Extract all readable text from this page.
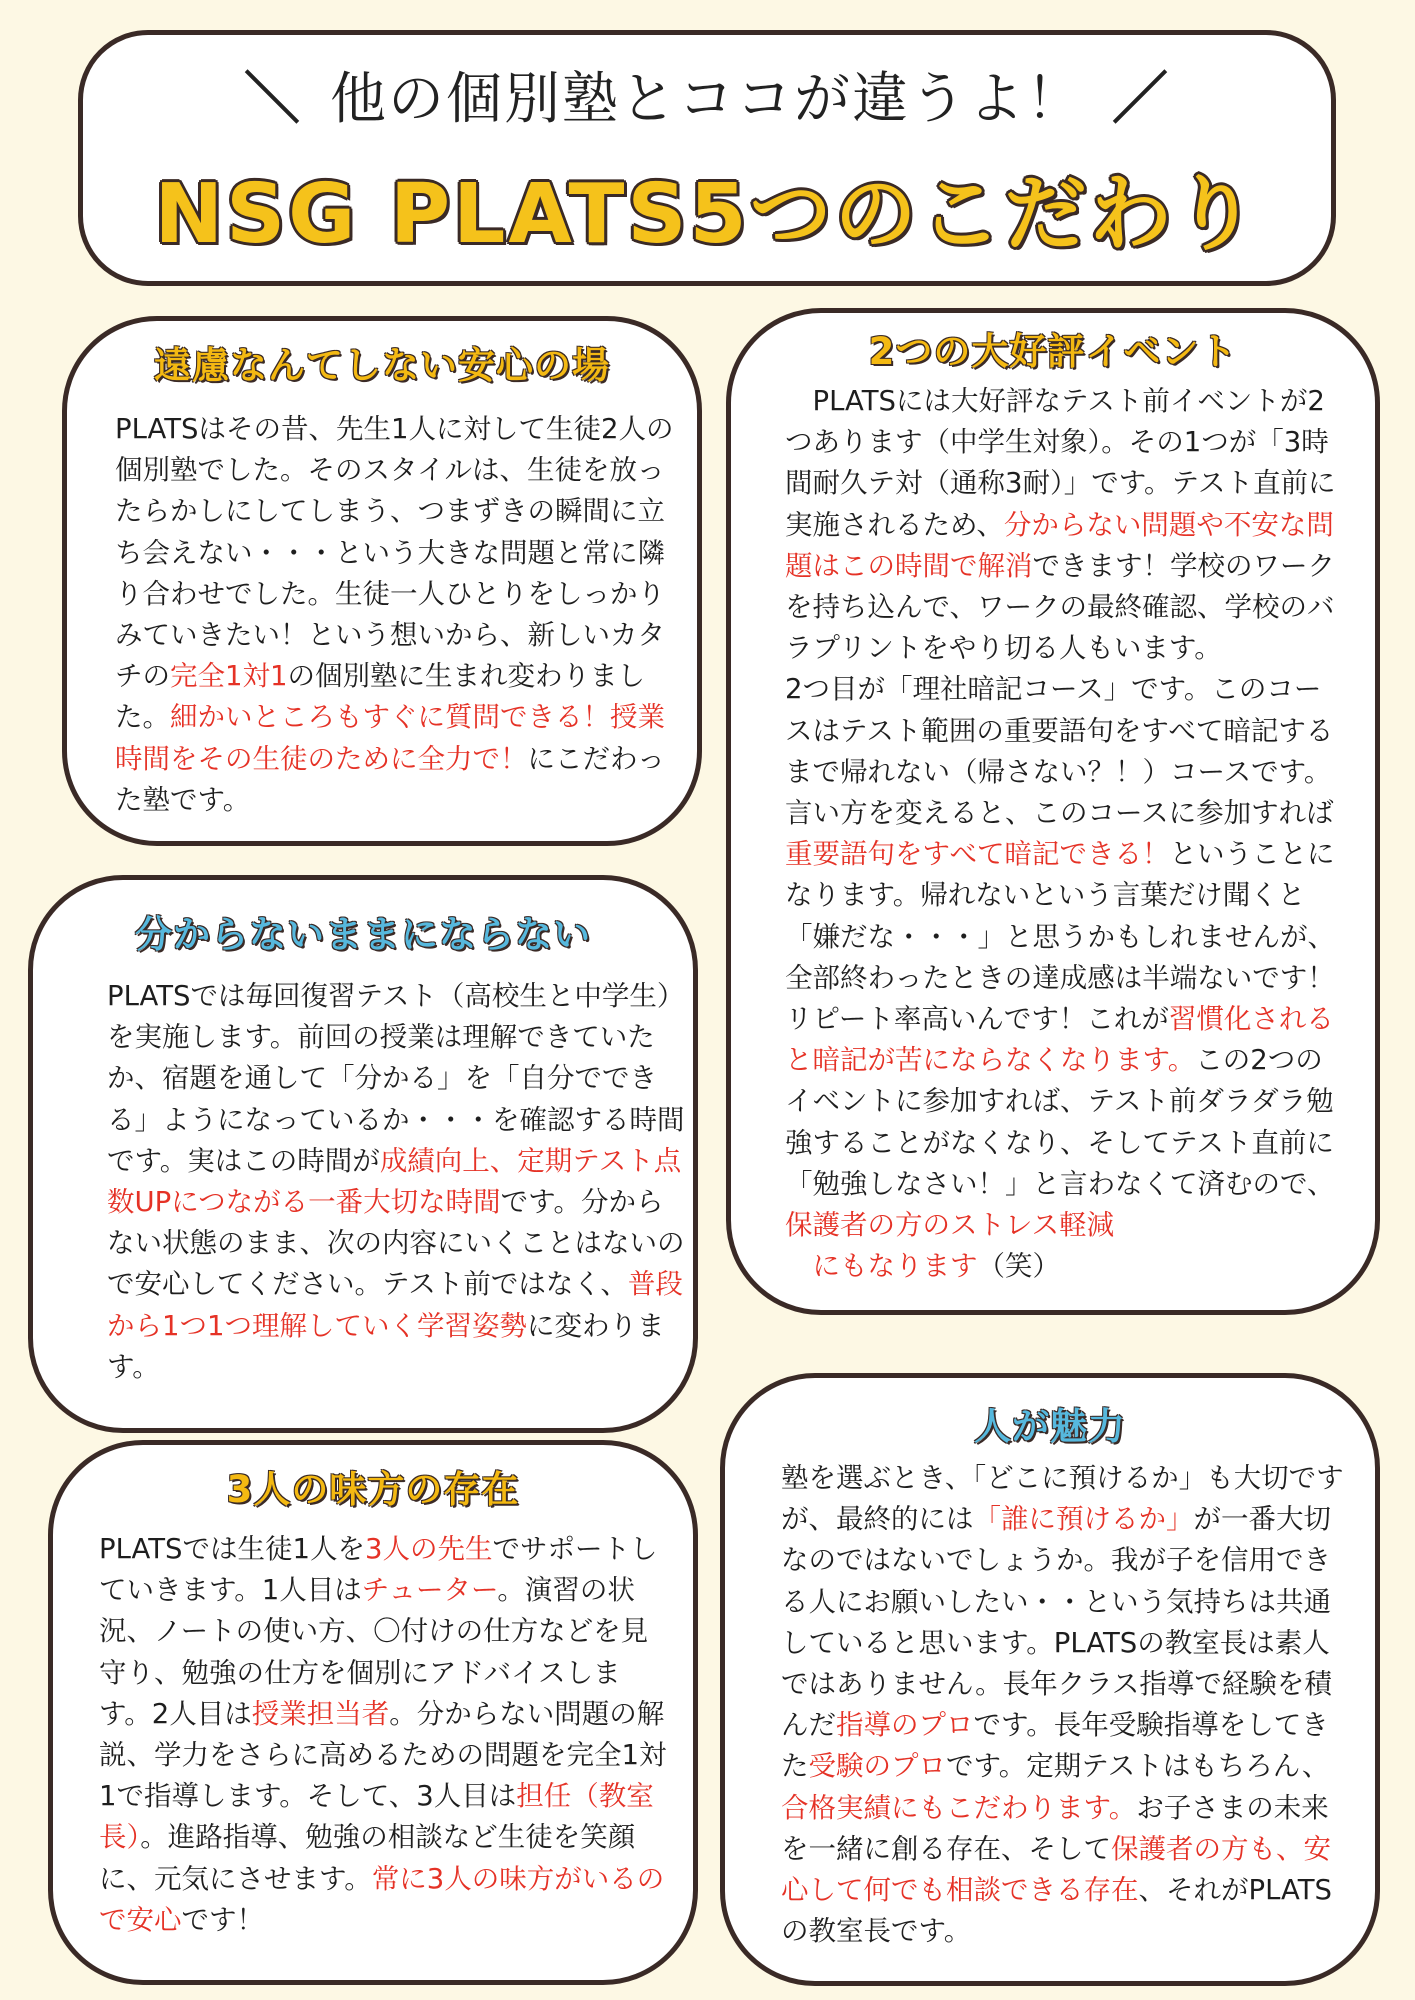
＼ 他の個別塾とココが違うよ！ ／
NSG PLATS5つのこだわり
遠慮なんてしない安心の場
PLATSはその昔、先生1人に対して生徒2人の個別塾でした。そのスタイルは、生徒を放ったらかしにしてしまう、つまずきの瞬間に立ち会えない・・・という大きな問題と常に隣り合わせでした。生徒一人ひとりをしっかりみていきたい！という想いから、新しいカタチの完全1対1の個別塾に生まれ変わりました。細かいところもすぐに質問できる！授業時間をその生徒のために全力で！にこだわった塾です。
分からないままにならない
PLATSでは毎回復習テスト（高校生と中学生）を実施します。前回の授業は理解できていたか、宿題を通して「分かる」を「自分でできる」ようになっているか・・・を確認する時間です。実はこの時間が成績向上、定期テスト点数UPにつながる一番大切な時間です。分からない状態のまま、次の内容にいくことはないので安心してください。テスト前ではなく、普段から1つ1つ理解していく学習姿勢に変わります。
3人の味方の存在
PLATSでは生徒1人を3人の先生でサポートしていきます。1人目はチューター。演習の状況、ノートの使い方、〇付けの仕方などを見守り、勉強の仕方を個別にアドバイスします。2人目は授業担当者。分からない問題の解説、学力をさらに高めるための問題を完全1対1で指導します。そして、3人目は担任（教室長）。進路指導、勉強の相談など生徒を笑顔に、元気にさせます。常に3人の味方がいるので安心です！
2つの大好評イベント
　PLATSには大好評なテスト前イベントが2つあります（中学生対象）。その1つが「3時間耐久テ対（通称3耐）」です。テスト直前に実施されるため、分からない問題や不安な問題はこの時間で解消できます！学校のワークを持ち込んで、ワークの最終確認、学校のバラプリントをやり切る人もいます。
2つ目が「理社暗記コース」です。このコースはテスト範囲の重要語句をすべて暗記するまで帰れない（帰さない？！）コースです。言い方を変えると、このコースに参加すれば重要語句をすべて暗記できる！ということになります。帰れないという言葉だけ聞くと「嫌だな・・・」と思うかもしれませんが、全部終わったときの達成感は半端ないです！リピート率高いんです！これが習慣化されると暗記が苦にならなくなります。この2つのイベントに参加すれば、テスト前ダラダラ勉強することがなくなり、そしてテスト直前に「勉強しなさい！」と言わなくて済むので、保護者の方のストレス軽減
　にもなります（笑）
人が魅力
塾を選ぶとき、「どこに預けるか」も大切ですが、最終的には「誰に預けるか」が一番大切なのではないでしょうか。我が子を信用できる人にお願いしたい・・という気持ちは共通していると思います。PLATSの教室長は素人ではありません。長年クラス指導で経験を積んだ指導のプロです。長年受験指導をしてきた受験のプロです。定期テストはもちろん、合格実績にもこだわります。お子さまの未来を一緒に創る存在、そして保護者の方も、安心して何でも相談できる存在、それがPLATSの教室長です。
